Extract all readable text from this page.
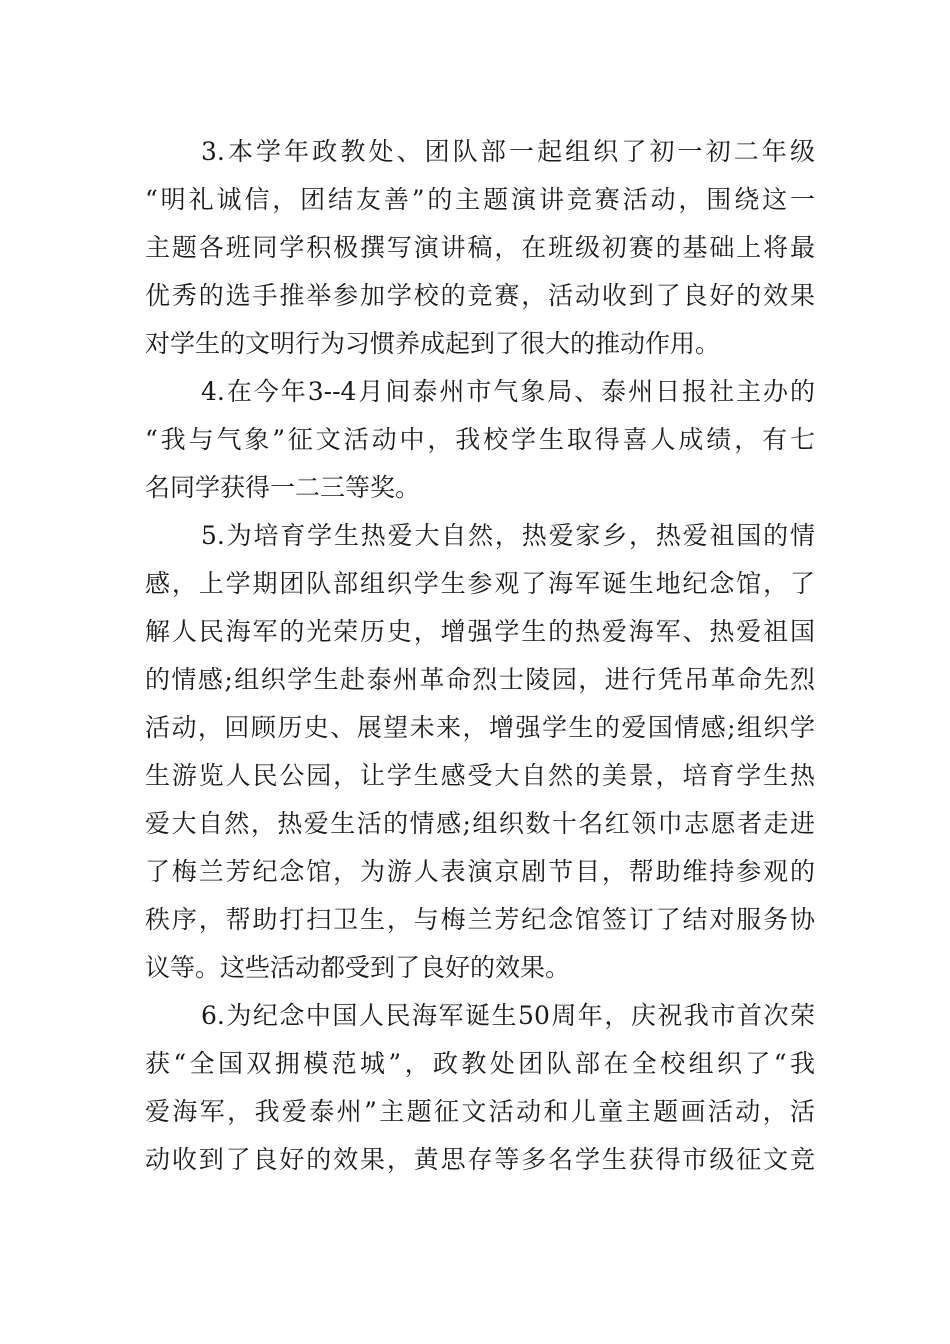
3.本学年政教处、团队部一起组织了初一初二年级
“明礼诚信，团结友善”的主题演讲竞赛活动，围绕这一
主题各班同学积极撰写演讲稿，在班级初赛的基础上将最
优秀的选手推举参加学校的竞赛，活动收到了良好的效果
对学生的文明行为习惯养成起到了很大的推动作用。
4.在今年3--4月间泰州市气象局、泰州日报社主办的
“我与气象”征文活动中，我校学生取得喜人成绩，有七
名同学获得一二三等奖。
5.为培育学生热爱大自然，热爱家乡，热爱祖国的情
感，上学期团队部组织学生参观了海军诞生地纪念馆，了
解人民海军的光荣历史，增强学生的热爱海军、热爱祖国
的情感;组织学生赴泰州革命烈士陵园，进行凭吊革命先烈
活动，回顾历史、展望未来，增强学生的爱国情感;组织学
生游览人民公园，让学生感受大自然的美景，培育学生热
爱大自然，热爱生活的情感;组织数十名红领巾志愿者走进
了梅兰芳纪念馆，为游人表演京剧节目，帮助维持参观的
秩序，帮助打扫卫生，与梅兰芳纪念馆签订了结对服务协
议等。这些活动都受到了良好的效果。
6.为纪念中国人民海军诞生50周年，庆祝我市首次荣
获“全国双拥模范城”，政教处团队部在全校组织了“我
爱海军，我爱泰州”主题征文活动和儿童主题画活动，活
动收到了良好的效果，黄思存等多名学生获得市级征文竞
